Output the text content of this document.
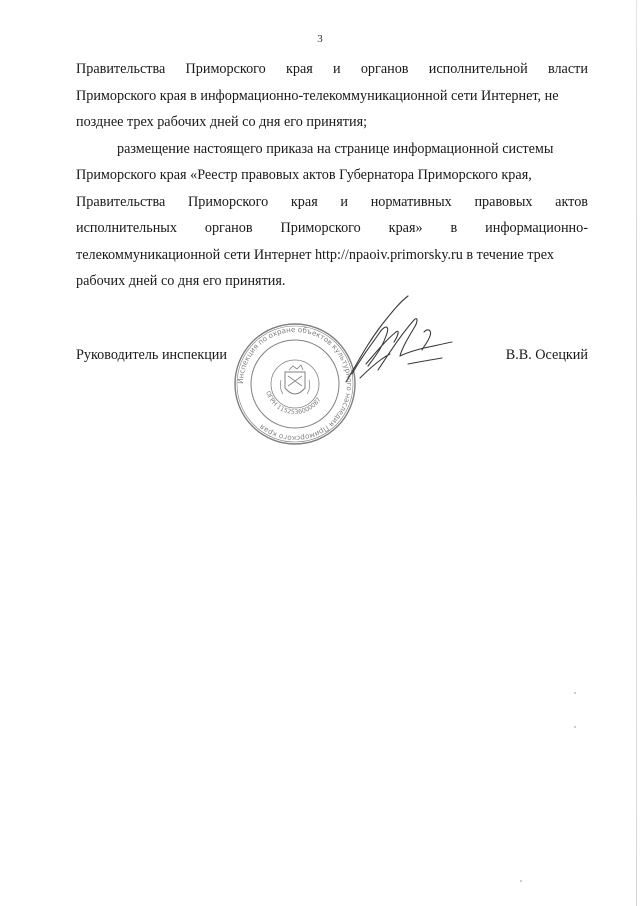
3
Правительства Приморского края и органов исполнительной власти
Приморского края в информационно-телекоммуникационной сети Интернет, не
позднее трех рабочих дней со дня его принятия;
размещение настоящего приказа на странице информационной системы
Приморского края «Реестр правовых актов Губернатора Приморского края,
Правительства Приморского края и нормативных правовых актов
исполнительных органов Приморского края» в информационно-
телекоммуникационной сети Интернет http://npaoiv.primorsky.ru в течение трех
рабочих дней со дня его принятия.
Руководитель инспекции	В.В. Осецкий
Инспекция по охране объектов культурного наследия Приморского края
ОГРН 1152536000087
